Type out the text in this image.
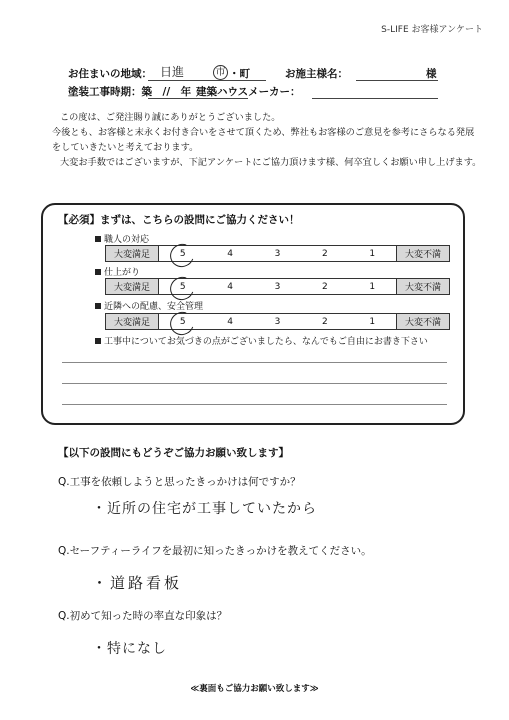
S-LIFE お客様アンケート
お住まいの地域： 日進	市 ・町	お施主様名：	様
塗装工事時期：築　//　年 建築ハウスメーカー：

この度は、ご発注賜り誠にありがとうございました。

今後とも、お客様と末永くお付き合いをさせて頂くため、弊社もお客様のご意見を参考にさらなる発展

をしていきたいと考えております。

大変お手数ではございますが、下記アンケートにご協力頂けます様、何卒宜しくお願い申し上げます。

【必須】まずは、こちらの設問にご協力ください！
職人の対応
大変満足	5	4	3	2	1	大変不満
仕上がり
大変満足	5	4	3	2	1	大変不満
近隣への配慮、安全管理
大変満足	5	4	3	2	1	大変不満
工事中についてお気づきの点がございましたら、なんでもご自由にお書き下さい
【以下の設問にもどうぞご協力お願い致します】
Q.工事を依頼しようと思ったきっかけは何ですか？
・近所の住宅が工事していたから
Q.セーフティーライフを最初に知ったきっかけを教えてください。
・道路看板
Q.初めて知った時の率直な印象は？
・特になし
≪裏面もご協力お願い致します≫
